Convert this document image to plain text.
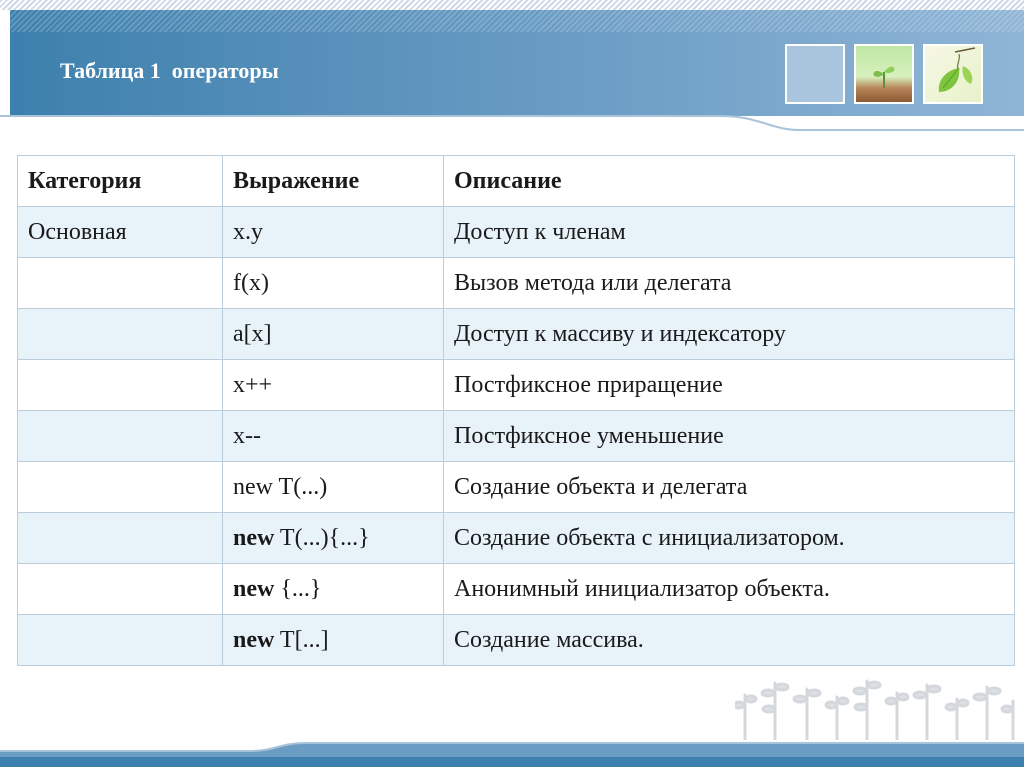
Таблица 1  операторы
Категория	Выражение	Описание
Основная	x.y	Доступ к членам
	f(x)	Вызов метода или делегата
	a[x]	Доступ к массиву и индексатору
	x++	Постфиксное приращение
	x--	Постфиксное уменьшение
	new T(...)	Создание объекта и делегата
	new T(...){...}	Создание объекта с инициализатором.
	new {...}	Анонимный инициализатор объекта.
	new T[...]	Создание массива.
